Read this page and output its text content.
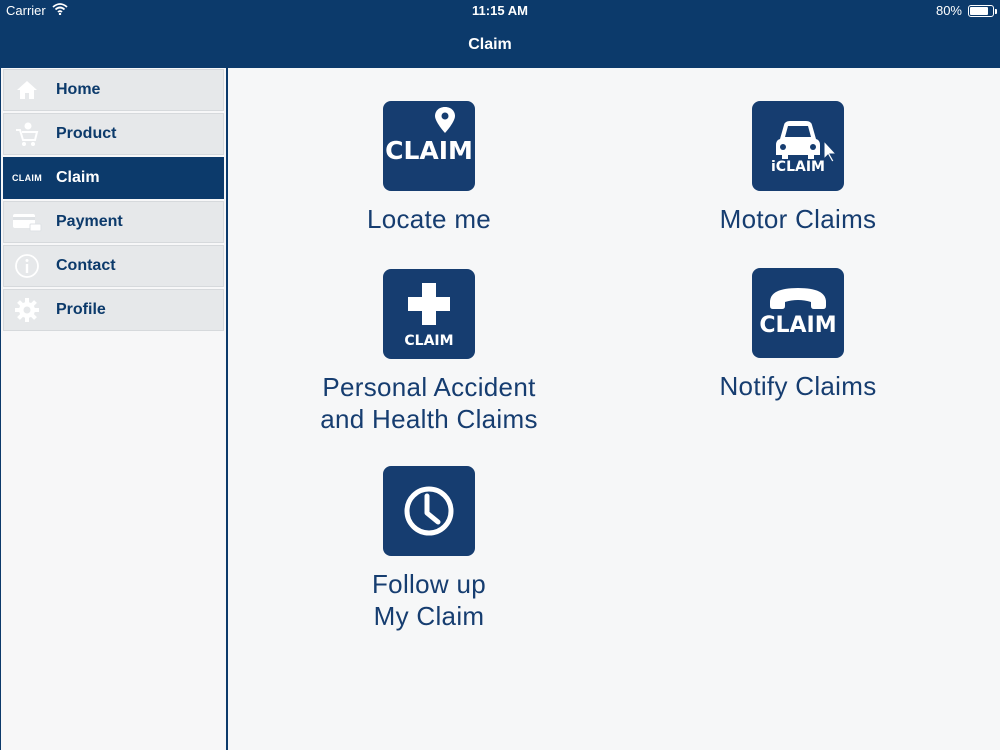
Carrier	11:15 AM	80%
Claim
Home
Product
CLAIM Claim
Payment
Contact
Profile
CLAIM
Locate me
iCLAIM
Motor Claims
CLAIM
Personal Accident
and Health Claims
CLAIM
Notify Claims
Follow up
My Claim
